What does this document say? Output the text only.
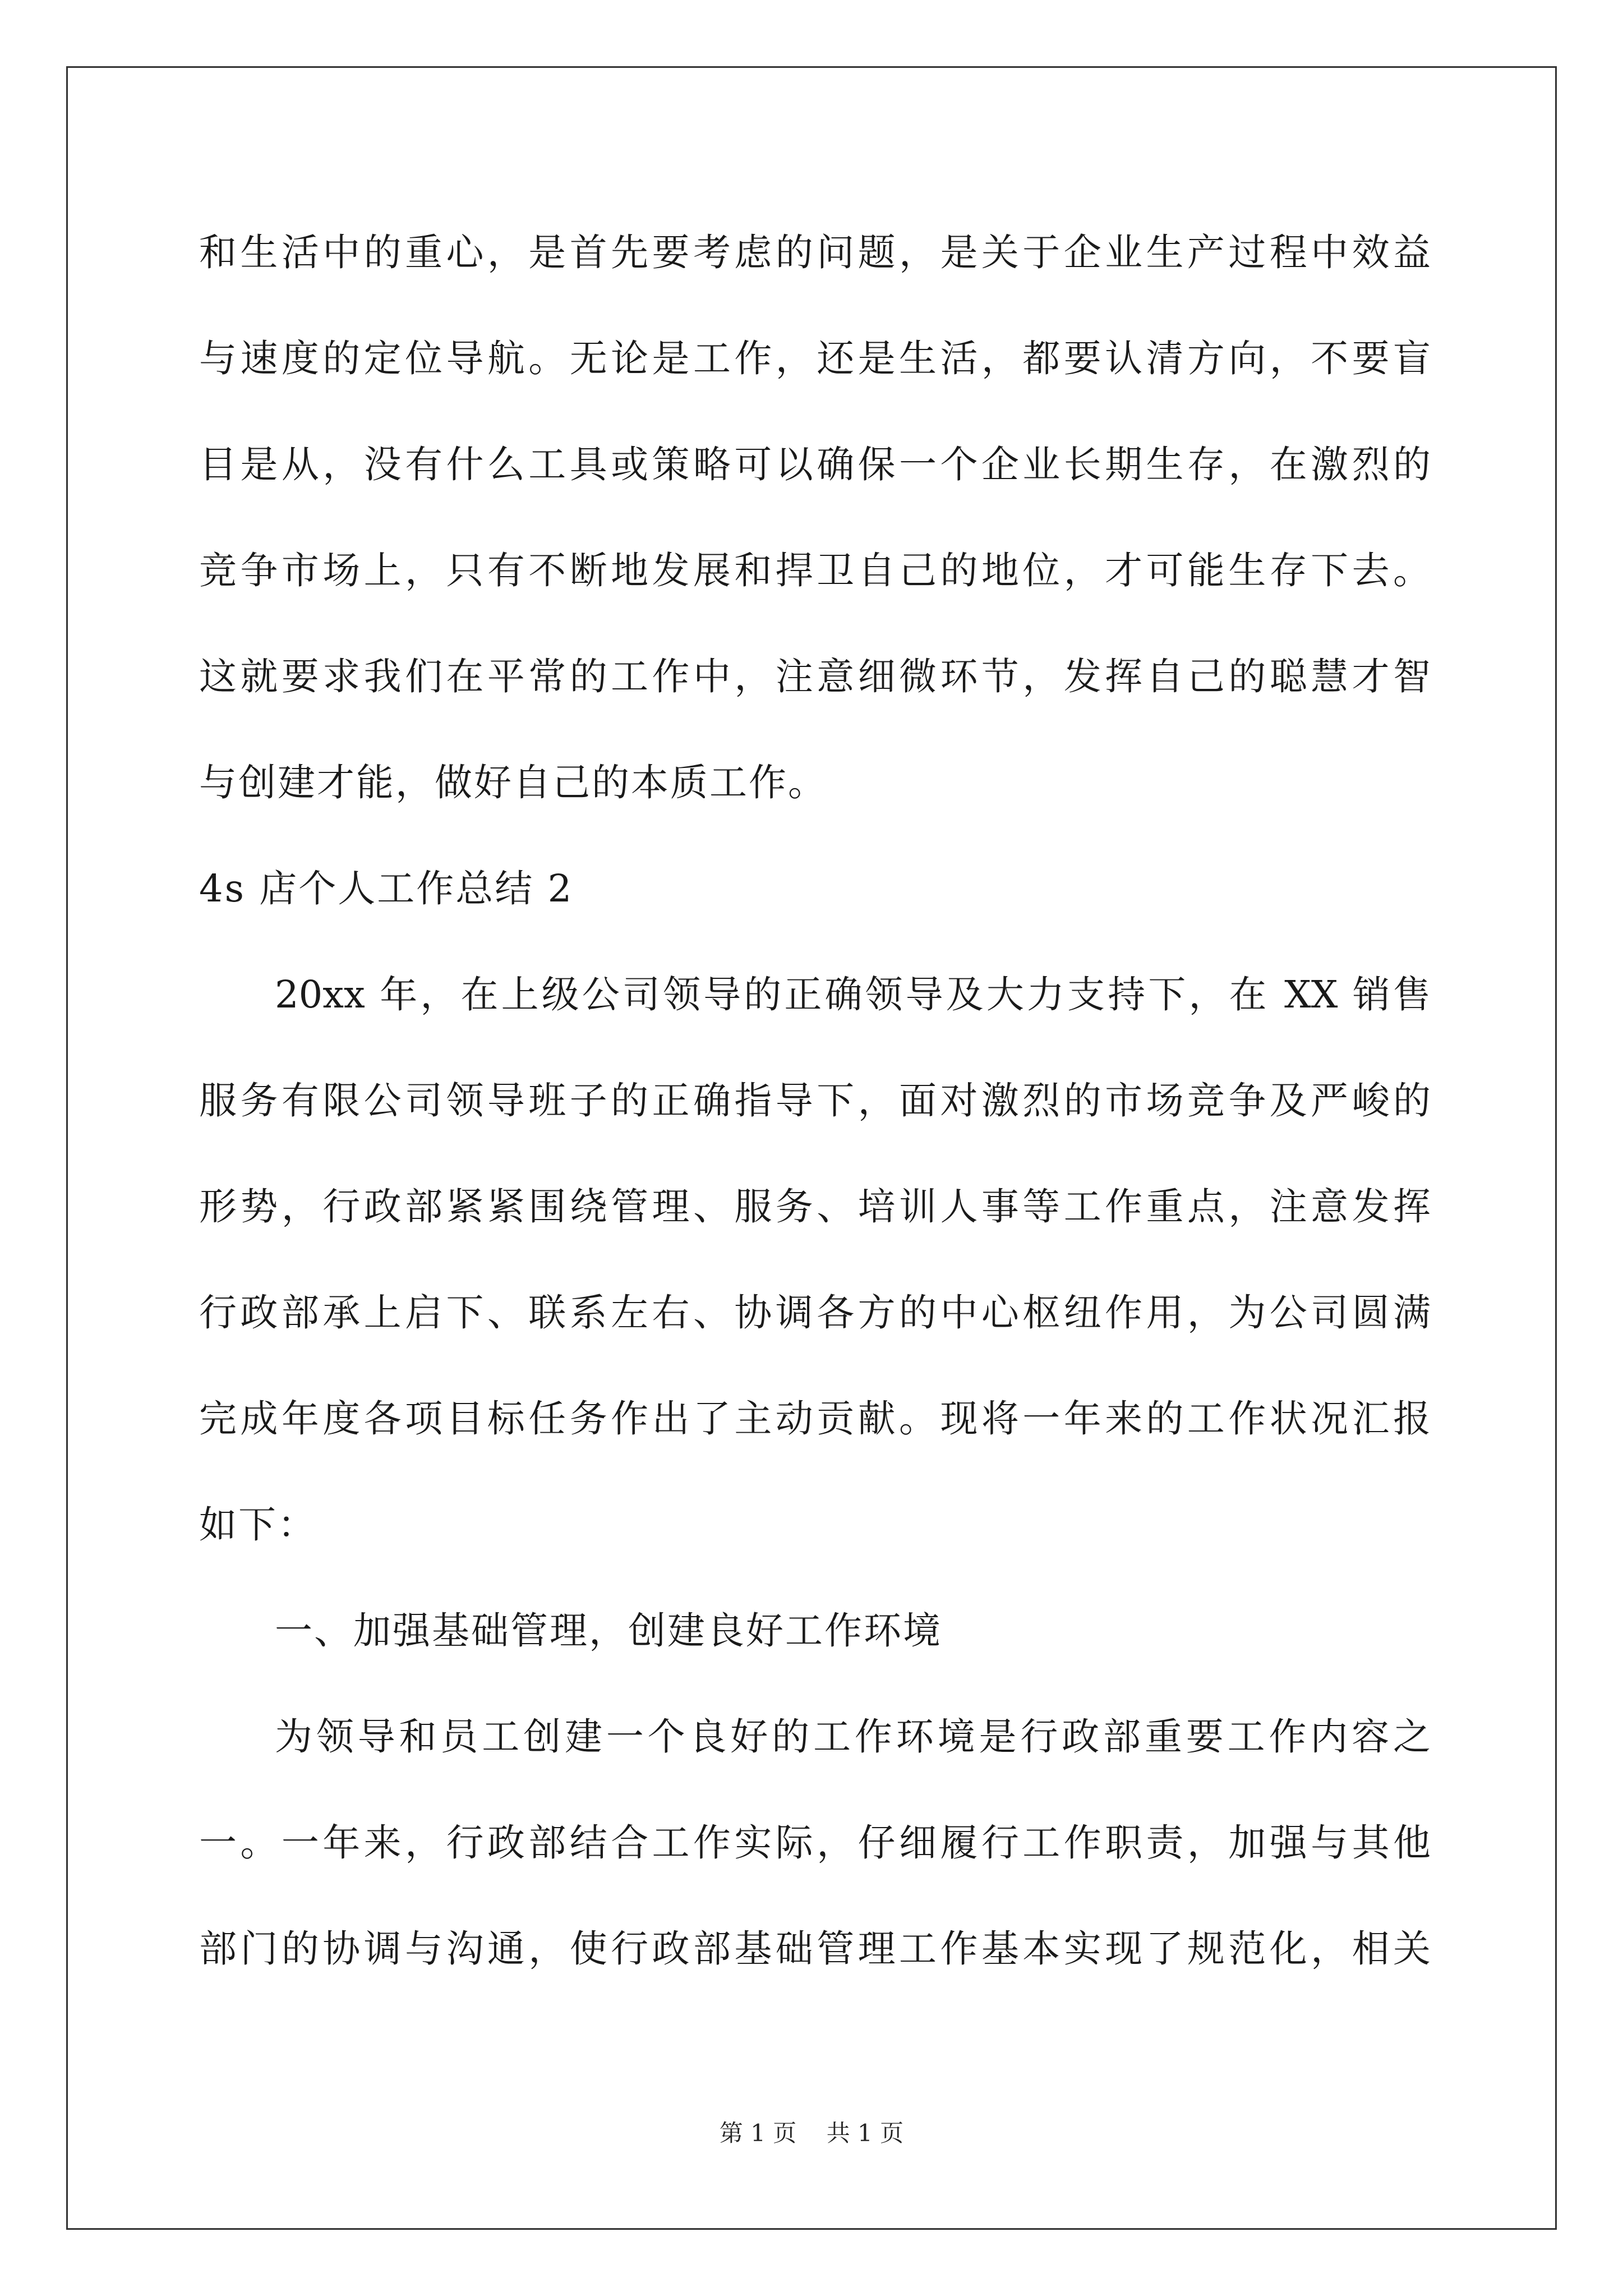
和生活中的重心，是首先要考虑的问题，是关于企业生产过程中效益
与速度的定位导航。无论是工作，还是生活，都要认清方向，不要盲
目是从，没有什么工具或策略可以确保一个企业长期生存，在激烈的
竞争市场上，只有不断地发展和捍卫自己的地位，才可能生存下去。
这就要求我们在平常的工作中，注意细微环节，发挥自己的聪慧才智
与创建才能，做好自己的本质工作。
4s 店个人工作总结 2
20xx 年，在上级公司领导的正确领导及大力支持下，在 XX 销售
服务有限公司领导班子的正确指导下，面对激烈的市场竞争及严峻的
形势，行政部紧紧围绕管理、服务、培训人事等工作重点，注意发挥
行政部承上启下、联系左右、协调各方的中心枢纽作用，为公司圆满
完成年度各项目标任务作出了主动贡献。现将一年来的工作状况汇报
如下：
一、加强基础管理，创建良好工作环境
为领导和员工创建一个良好的工作环境是行政部重要工作内容之
一。一年来，行政部结合工作实际，仔细履行工作职责，加强与其他
部门的协调与沟通，使行政部基础管理工作基本实现了规范化，相关
第 1 页    共 1 页
